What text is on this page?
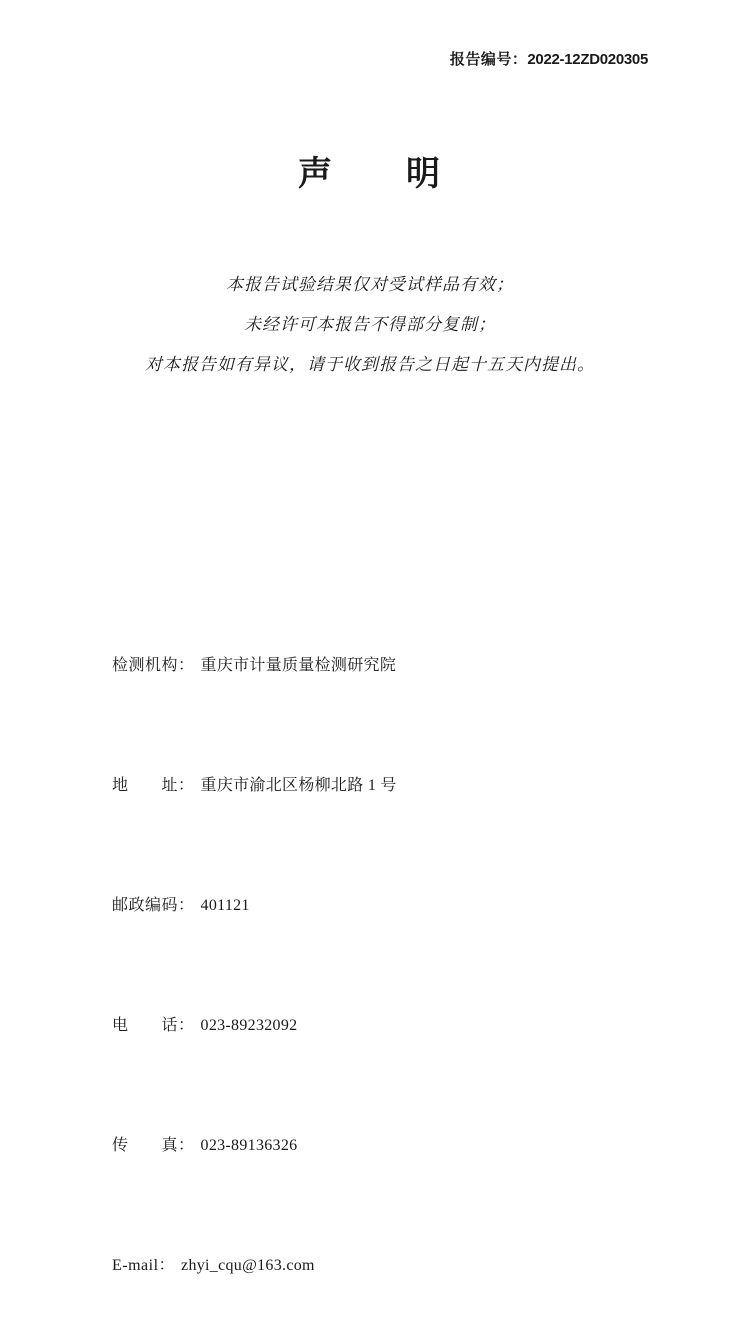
报告编号：2022-12ZD020305
声　　明

本报告试验结果仅对受试样品有效；

未经许可本报告不得部分复制；

对本报告如有异议，请于收到报告之日起十五天内提出。

检测机构： 重庆市计量质量检测研究院

地　　址： 重庆市渝北区杨柳北路 1 号

邮政编码： 401121

电　　话： 023-89232092

传　　真： 023-89136326

E-mail： zhyi_cqu@163.com
